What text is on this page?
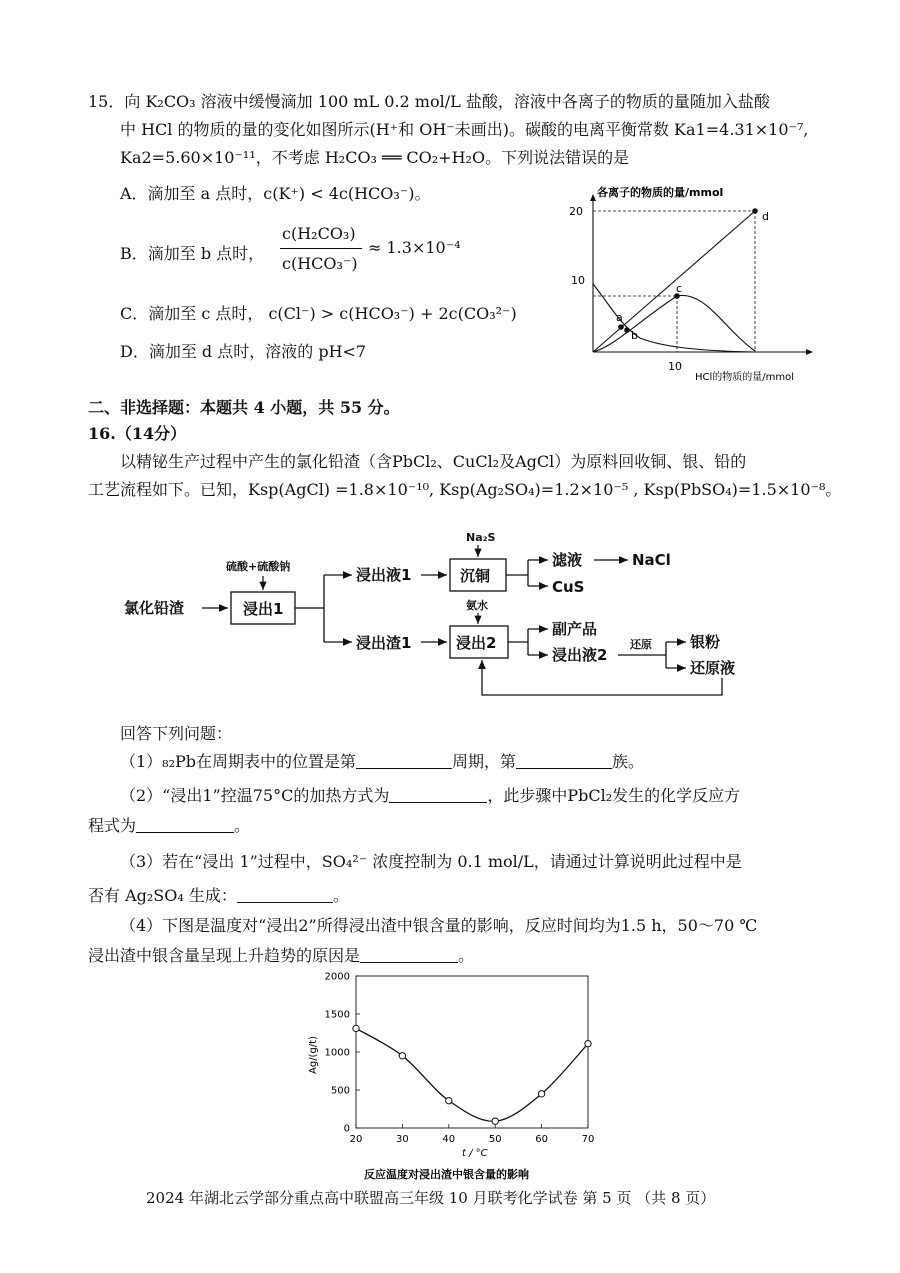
15．向 K₂CO₃ 溶液中缓慢滴加 100 mL 0.2 mol/L 盐酸，溶液中各离子的物质的量随加入盐酸
中 HCl 的物质的量的变化如图所示(H⁺和 OH⁻未画出)。碳酸的电离平衡常数 Ka1=4.31×10⁻⁷,
Ka2=5.60×10⁻¹¹，不考虑 H₂CO₃ ══ CO₂+H₂O。下列说法错误的是
A．滴加至 a 点时，c(K⁺) < 4c(HCO₃⁻)。
B．滴加至 b 点时，
c(H₂CO₃)
c(HCO₃⁻)
≈ 1.3×10⁻⁴
C．滴加至 c 点时， c(Cl⁻) > c(HCO₃⁻) + 2c(CO₃²⁻)
D．滴加至 d 点时，溶液的 pH<7
各离子的物质的量/mmol
20
10
10
HCl的物质的量/mmol
a
b
c
d
二、非选择题：本题共 4 小题，共 55 分。
16.（14分）
以精铋生产过程中产生的氯化铅渣（含PbCl₂、CuCl₂及AgCl）为原料回收铜、银、铅的
工艺流程如下。已知，Ksp(AgCl) =1.8×10⁻¹⁰, Ksp(Ag₂SO₄)=1.2×10⁻⁵ , Ksp(PbSO₄)=1.5×10⁻⁸。
氯化铅渣	浸出1
硫酸+硫酸钠	浸出液1	沉铜
Na₂S
滤液	NaCl
CuS
浸出渣1	浸出2
氨水
副产品
浸出液2
还原	银粉
还原液
回答下列问题：
（1）₈₂Pb在周期表中的位置是第	周期，第	族。
（2）“浸出1”控温75°C的加热方式为	，此步骤中PbCl₂发生的化学反应方
程式为	。
（3）若在“浸出 1”过程中，SO₄²⁻ 浓度控制为 0.1 mol/L，请通过计算说明此过程中是
否有 Ag₂SO₄ 生成：	。
（4）下图是温度对“浸出2”所得浸出渣中银含量的影响，反应时间均为1.5 h，50～70 ℃
浸出渣中银含量呈现上升趋势的原因是	。
0
500
1000
1500
2000
20	30	40	50	60	70
Ag/(g/t)
t / °C
反应温度对浸出渣中银含量的影响
2024 年湖北云学部分重点高中联盟高三年级 10 月联考化学试卷 第 5 页 （共 8 页）
